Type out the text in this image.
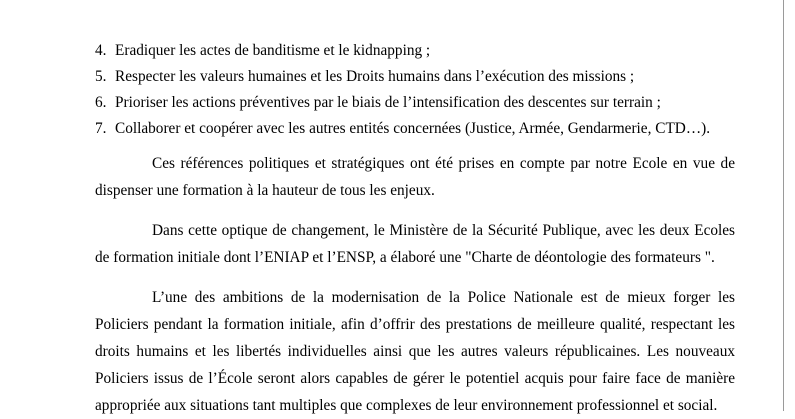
4. Eradiquer les actes de banditisme et le kidnapping ;
5. Respecter les valeurs humaines et les Droits humains dans l’exécution des missions ;
6. Prioriser les actions préventives par le biais de l’intensification des descentes sur terrain ;
7. Collaborer et coopérer avec les autres entités concernées (Justice, Armée, Gendarmerie, CTD…).

Ces références politiques et stratégiques ont été prises en compte par notre Ecole en vue de dispenser une formation à la hauteur de tous les enjeux.

Dans cette optique de changement, le Ministère de la Sécurité Publique, avec les deux Ecoles de formation initiale dont l’ENIAP et l’ENSP, a élaboré une "Charte de déontologie des formateurs ".

L’une des ambitions de la modernisation de la Police Nationale est de mieux forger les Policiers pendant la formation initiale, afin d’offrir des prestations de meilleure qualité, respectant les droits humains et les libertés individuelles ainsi que les autres valeurs républicaines. Les nouveaux Policiers issus de l’École seront alors capables de gérer le potentiel acquis pour faire face de manière appropriée aux situations tant multiples que complexes de leur environnement professionnel et social.
